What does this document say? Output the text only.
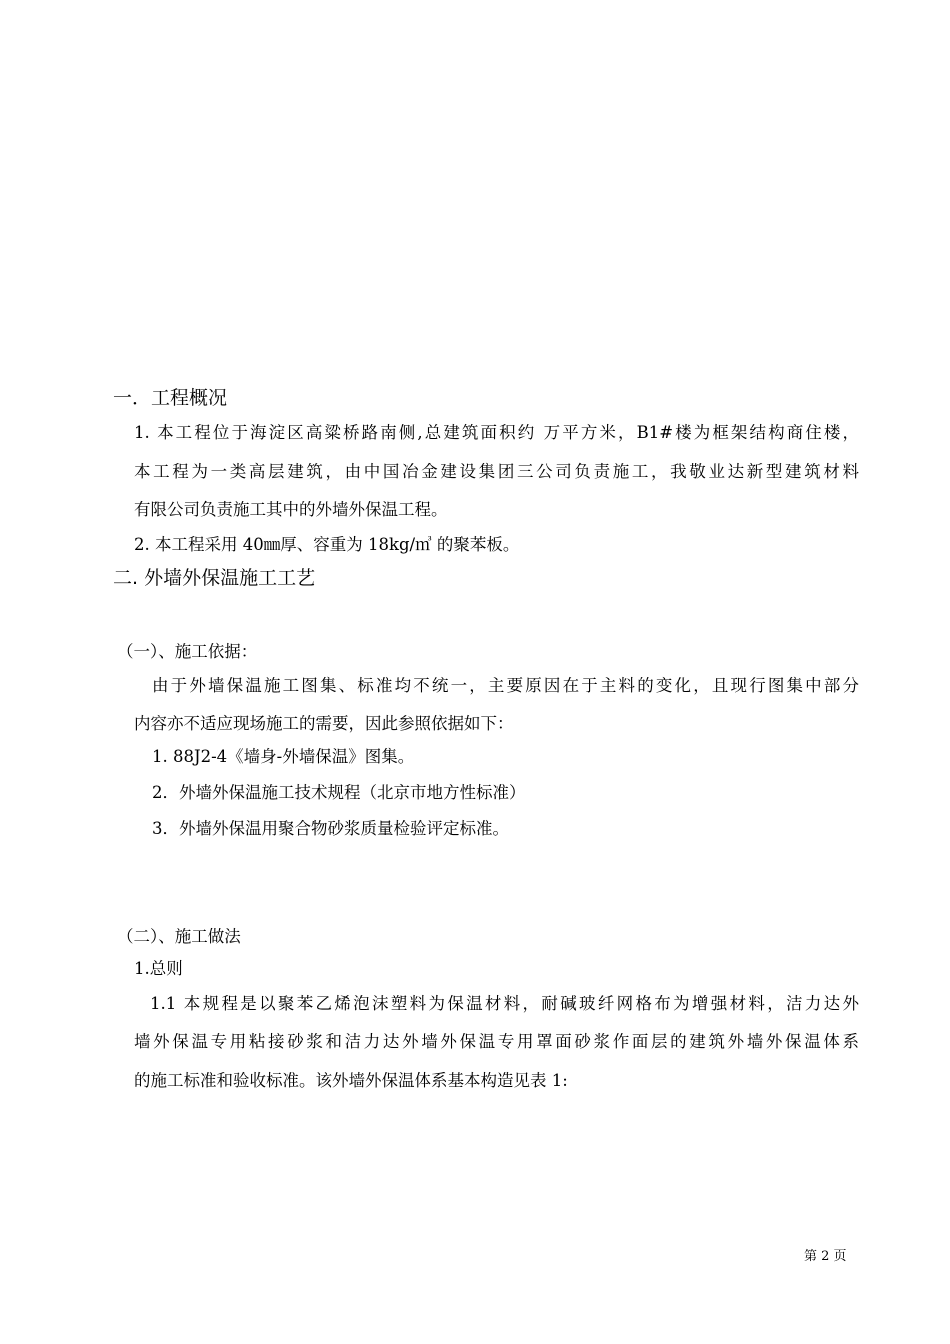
一．工程概况
1. 本工程位于海淀区高粱桥路南侧,总建筑面积约 万平方米，B1#楼为框架结构商住楼，
本工程为一类高层建筑，由中国冶金建设集团三公司负责施工，我敬业达新型建筑材料
有限公司负责施工其中的外墙外保温工程。
2. 本工程采用 40㎜厚、容重为 18kg/㎥ 的聚苯板。
二. 外墙外保温施工工艺
（一）、施工依据：
由于外墙保温施工图集、标准均不统一，主要原因在于主料的变化，且现行图集中部分
内容亦不适应现场施工的需要，因此参照依据如下：
1. 88J2-4《墙身-外墙保温》图集。
2．外墙外保温施工技术规程（北京市地方性标准）
3．外墙外保温用聚合物砂浆质量检验评定标准。
（二）、施工做法
1.总则
1.1 本规程是以聚苯乙烯泡沫塑料为保温材料，耐碱玻纤网格布为增强材料，洁力达外
墙外保温专用粘接砂浆和洁力达外墙外保温专用罩面砂浆作面层的建筑外墙外保温体系
的施工标准和验收标准。该外墙外保温体系基本构造见表 1:
第 2 页
